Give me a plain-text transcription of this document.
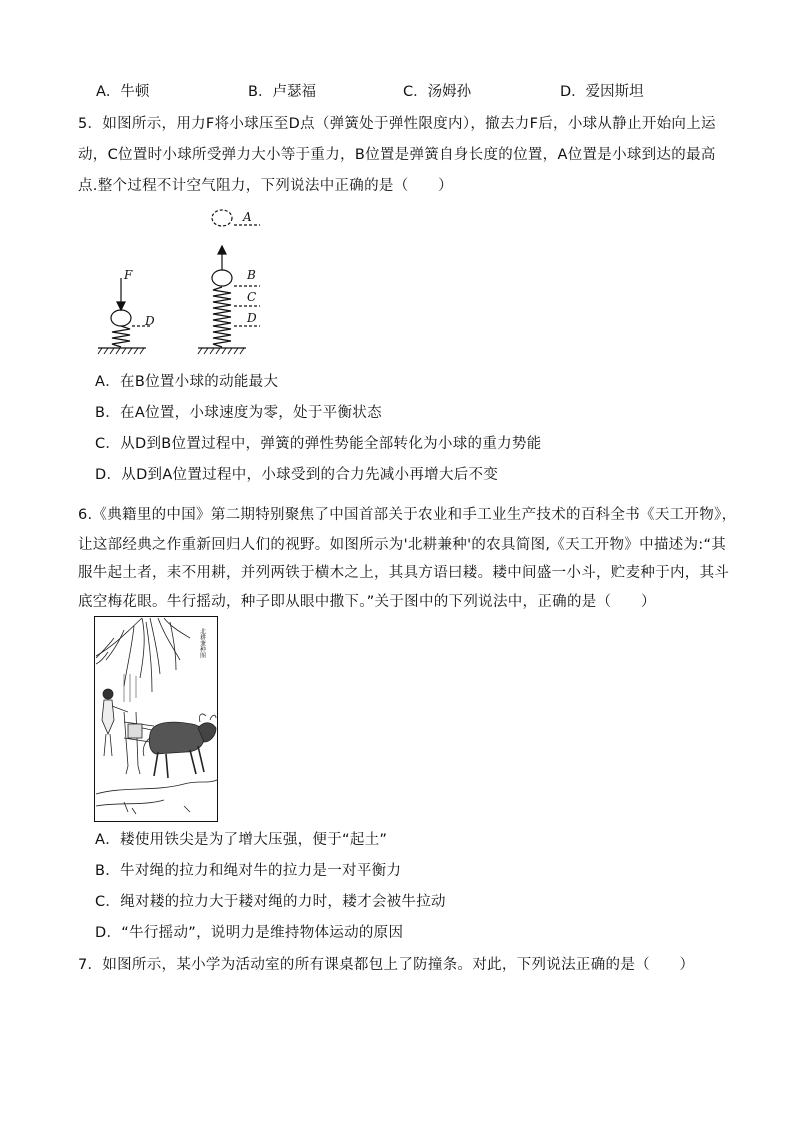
A．牛顿	B．卢瑟福	C．汤姆孙	D．爱因斯坦
5．如图所示，用力F将小球压至D点（弹簧处于弹性限度内），撤去力F后，小球从静止开始向上运
动，C位置时小球所受弹力大小等于重力，B位置是弹簧自身长度的位置，A位置是小球到达的最高
点.整个过程不计空气阻力，下列说法中正确的是（　　）
F
D
A
B
C
D
A．在B位置小球的动能最大
B．在A位置，小球速度为零，处于平衡状态
C．从D到B位置过程中，弹簧的弹性势能全部转化为小球的重力势能
D．从D到A位置过程中，小球受到的合力先减小再增大后不变
6.《典籍里的中国》第二期特别聚焦了中国首部关于农业和手工业生产技术的百科全书《天工开物》，
让这部经典之作重新回归人们的视野。如图所示为'北耕兼种'的农具简图,《天工开物》中描述为:“其
服牛起土者，耒不用耕，并列两铁于横木之上，其具方语曰耧。耧中间盛一小斗，贮麦种于内，其斗
底空梅花眼。牛行摇动，种子即从眼中撒下。”关于图中的下列说法中，正确的是（　　）
北耕兼种图
A．耧使用铁尖是为了增大压强，便于“起土”
B．牛对绳的拉力和绳对牛的拉力是一对平衡力
C．绳对耧的拉力大于耧对绳的力时，耧才会被牛拉动
D．“牛行摇动”，说明力是维持物体运动的原因
7．如图所示，某小学为活动室的所有课桌都包上了防撞条。对此，下列说法正确的是（　　）
